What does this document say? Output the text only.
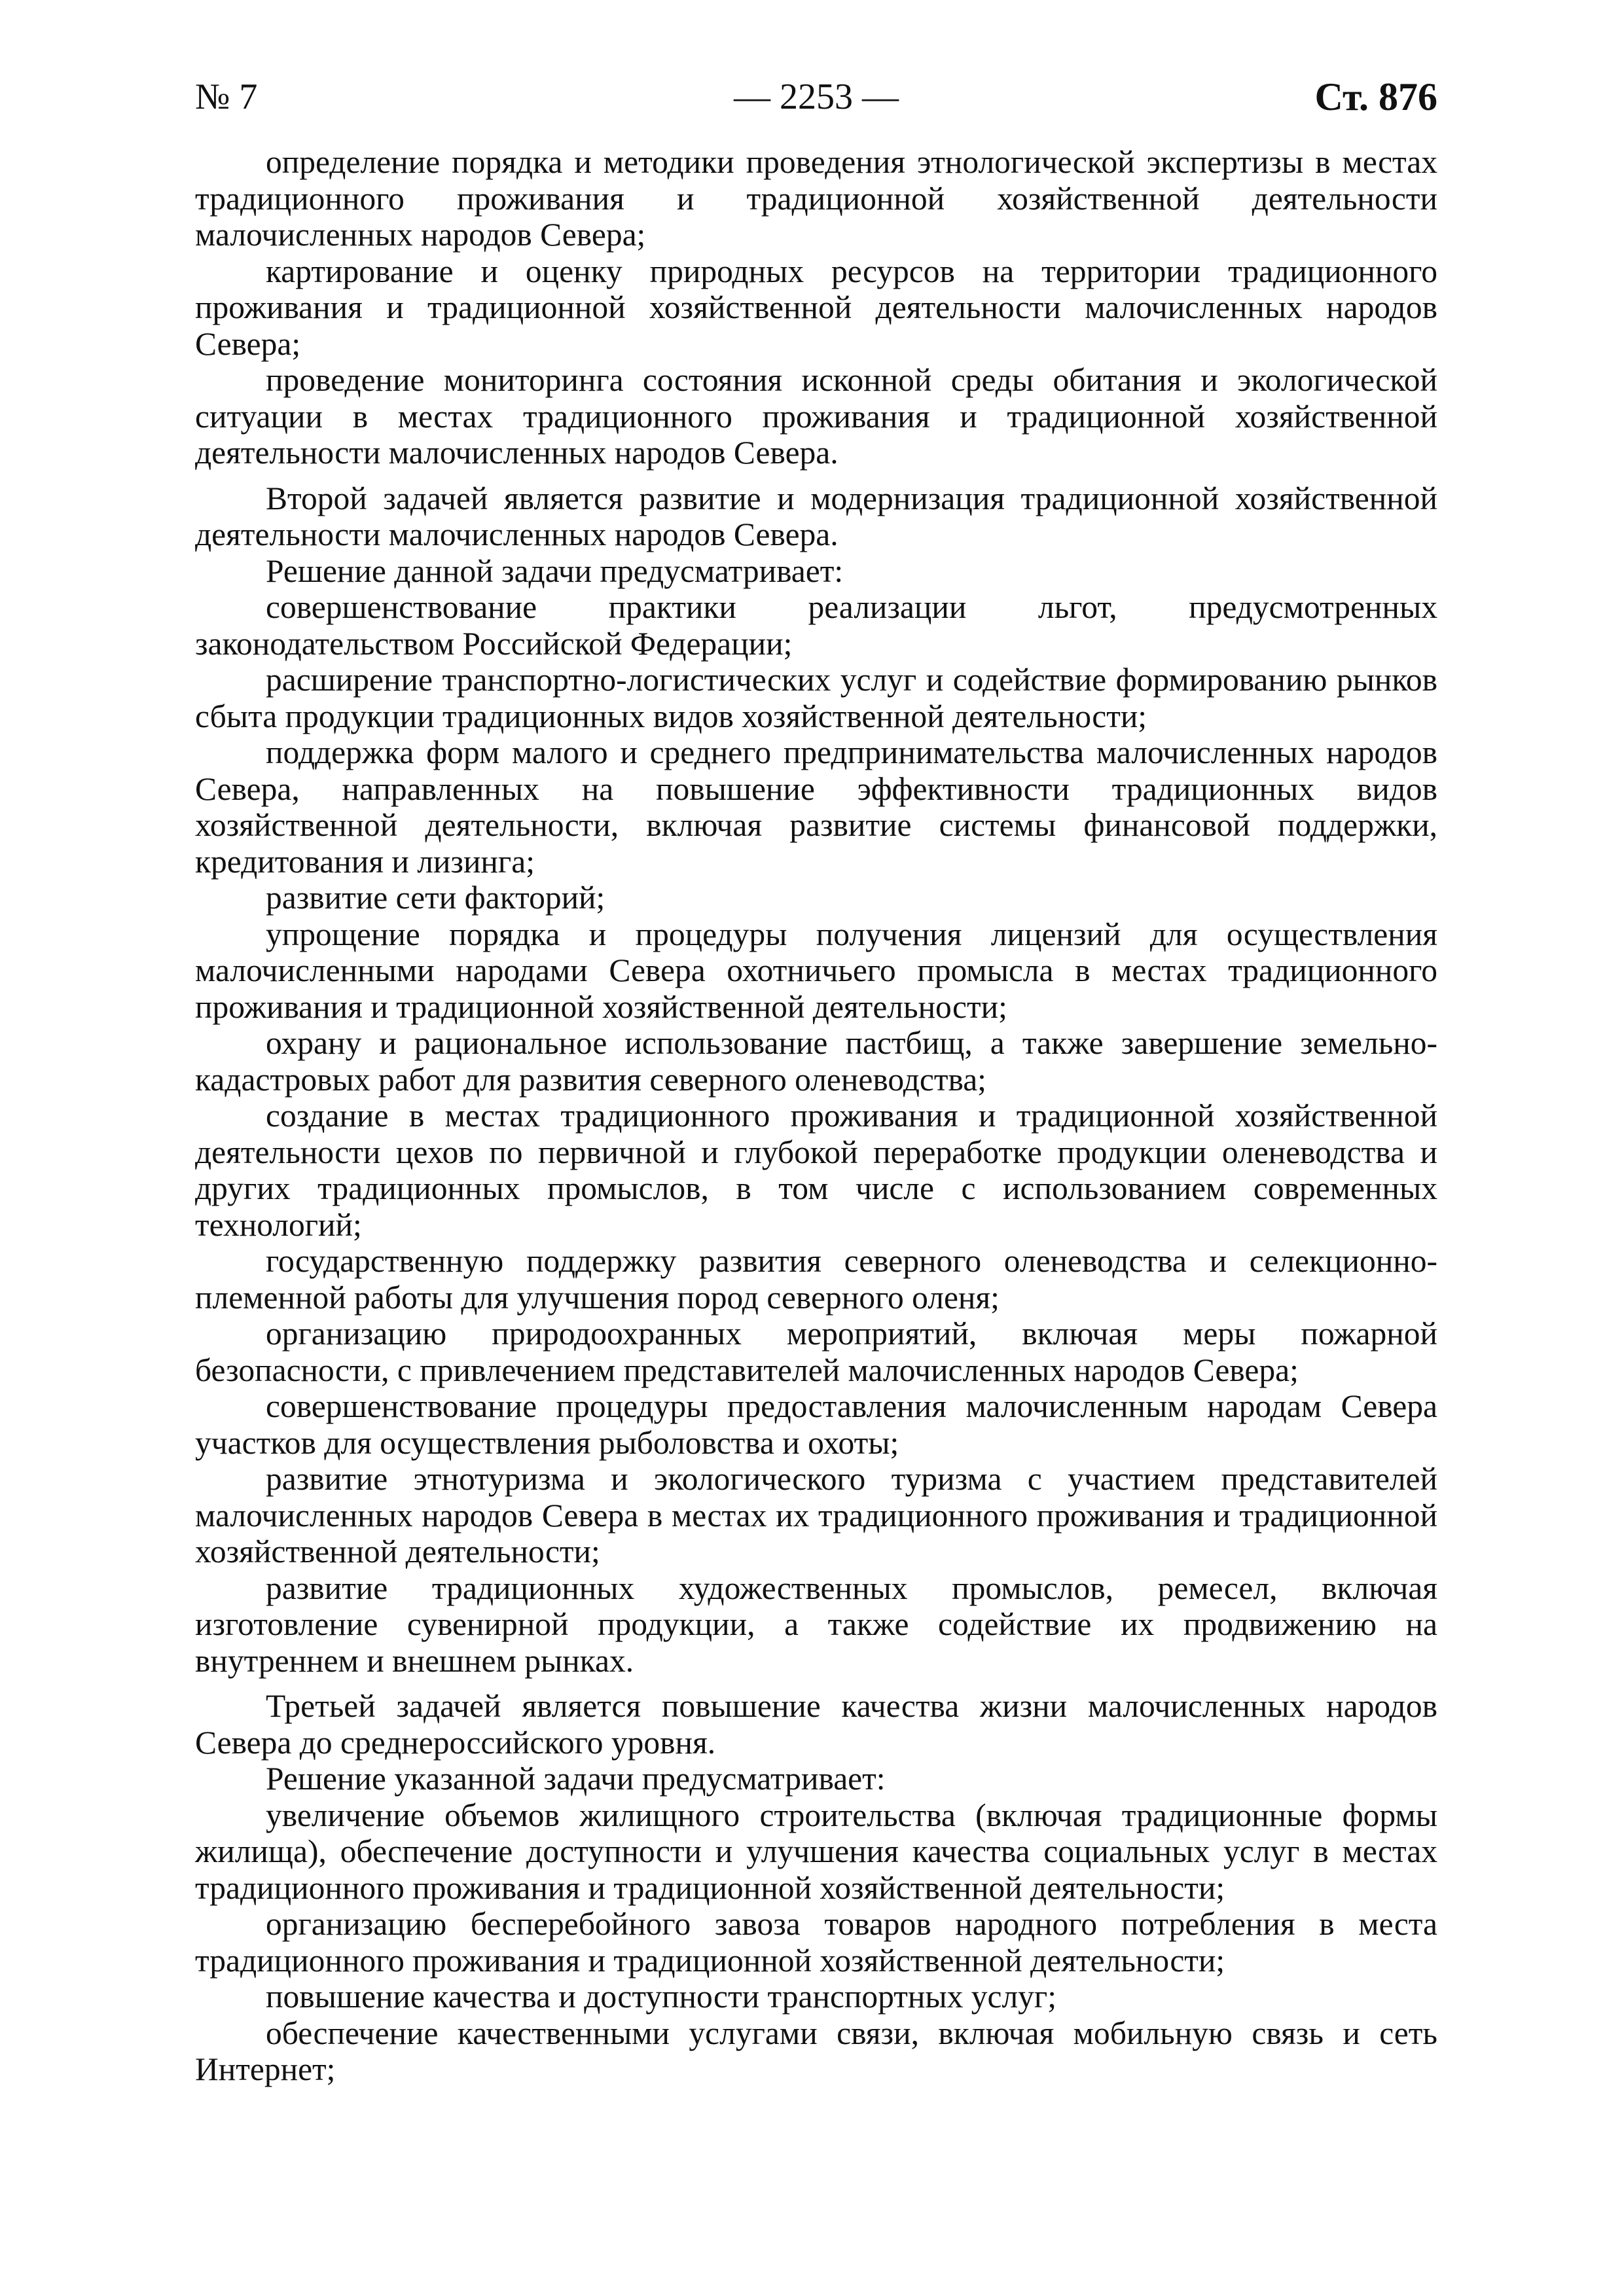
№ 7	— 2253 —	Ст. 876

определение порядка и методики проведения этнологической экспертизы в местах традиционного проживания и традиционной хозяйственной деятельности малочисленных народов Севера;

картирование и оценку природных ресурсов на территории традиционного проживания и традиционной хозяйственной деятельности малочисленных народов Севера;

проведение мониторинга состояния исконной среды обитания и экологической ситуации в местах традиционного проживания и традиционной хозяйственной деятельности малочисленных народов Севера.

Второй задачей является развитие и модернизация традиционной хозяйственной деятельности малочисленных народов Севера.

Решение данной задачи предусматривает:

совершенствование практики реализации льгот, предусмотренных законодательством Российской Федерации;

расширение транспортно-логистических услуг и содействие формированию рынков сбыта продукции традиционных видов хозяйственной деятельности;

поддержка форм малого и среднего предпринимательства малочисленных народов Севера, направленных на повышение эффективности традиционных видов хозяйственной деятельности, включая развитие системы финансовой поддержки, кредитования и лизинга;

развитие сети факторий;

упрощение порядка и процедуры получения лицензий для осуществления малочисленными народами Севера охотничьего промысла в местах традиционного проживания и традиционной хозяйственной деятельности;

охрану и рациональное использование пастбищ, а также завершение земельно-кадастровых работ для развития северного оленеводства;

создание в местах традиционного проживания и традиционной хозяйственной деятельности цехов по первичной и глубокой переработке продукции оленеводства и других традиционных промыслов, в том числе с использованием современных технологий;

государственную поддержку развития северного оленеводства и селекционно-племенной работы для улучшения пород северного оленя;

организацию природоохранных мероприятий, включая меры пожарной безопасности, с привлечением представителей малочисленных народов Севера;

совершенствование процедуры предоставления малочисленным народам Севера участков для осуществления рыболовства и охоты;

развитие этнотуризма и экологического туризма с участием представителей малочисленных народов Севера в местах их традиционного проживания и традиционной хозяйственной деятельности;

развитие традиционных художественных промыслов, ремесел, включая изготовление сувенирной продукции, а также содействие их продвижению на внутреннем и внешнем рынках.

Третьей задачей является повышение качества жизни малочисленных народов Севера до среднероссийского уровня.

Решение указанной задачи предусматривает:

увеличение объемов жилищного строительства (включая традиционные формы жилища), обеспечение доступности и улучшения качества социальных услуг в местах традиционного проживания и традиционной хозяйственной деятельности;

организацию бесперебойного завоза товаров народного потребления в места традиционного проживания и традиционной хозяйственной деятельности;

повышение качества и доступности транспортных услуг;

обеспечение качественными услугами связи, включая мобильную связь и сеть Интернет;
